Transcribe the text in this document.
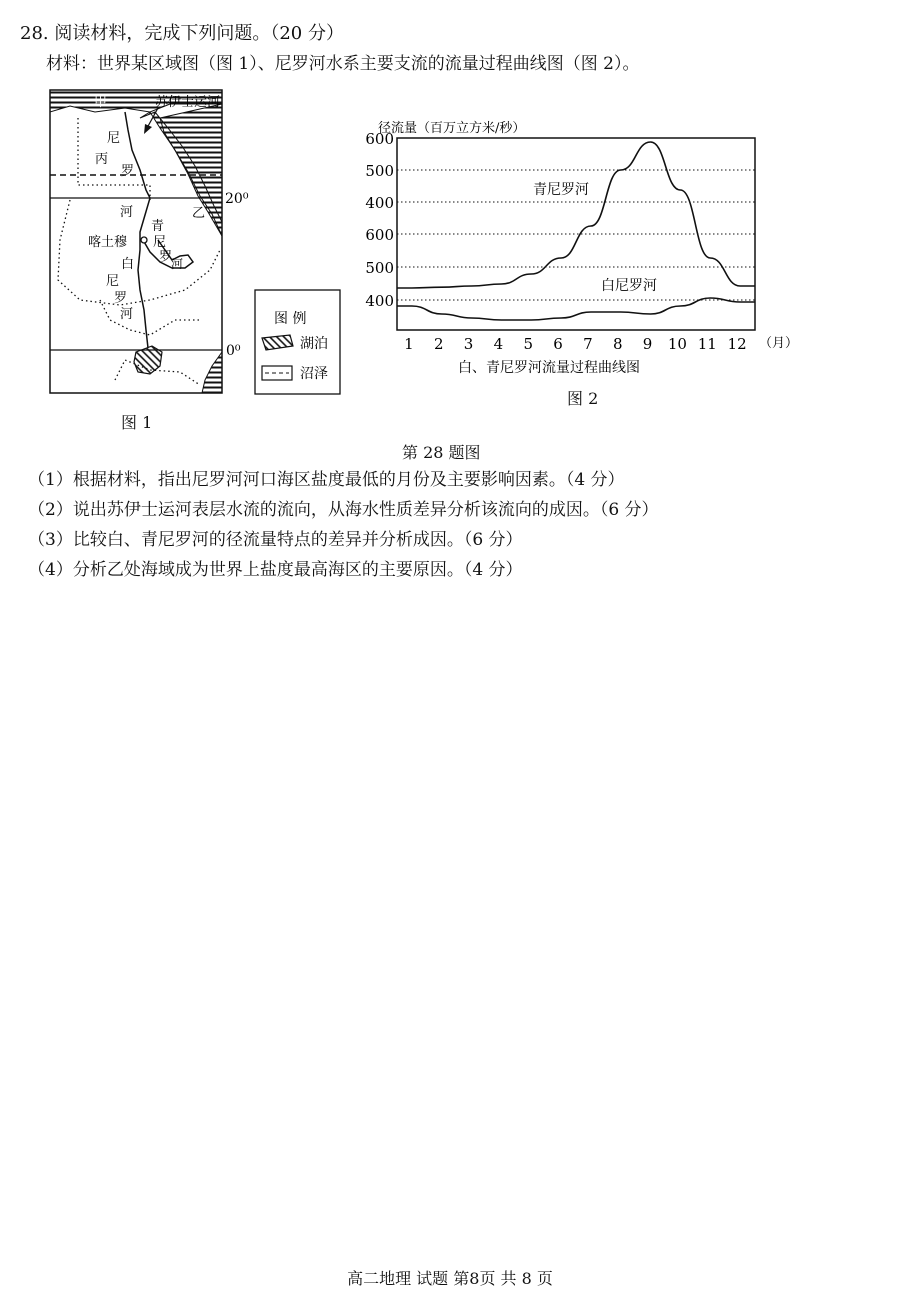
28. 阅读材料，完成下列问题。（20 分）
材料：世界某区域图（图 1）、尼罗河水系主要支流的流量过程曲线图（图 2）。
甲	苏伊士运河
乙
20⁰
0⁰
喀土穆
丙
尼
罗
河
青
尼
罗
河
白
尼
罗
河	图 例
湖泊
沼泽
图 1
径流量（百万立方米/秒）
400
500
600
400
500
600
1 2 3 4 5 6 7 8 9 10 11 12
青尼罗河
白尼罗河
（月）
白、青尼罗河流量过程曲线图
图 2
第 28 题图
（1）根据材料，指出尼罗河河口海区盐度最低的月份及主要影响因素。（4 分）
（2）说出苏伊士运河表层水流的流向，从海水性质差异分析该流向的成因。（6 分）
（3）比较白、青尼罗河的径流量特点的差异并分析成因。（6 分）
（4）分析乙处海域成为世界上盐度最高海区的主要原因。（4 分）
高二地理 试题 第8页 共 8 页
